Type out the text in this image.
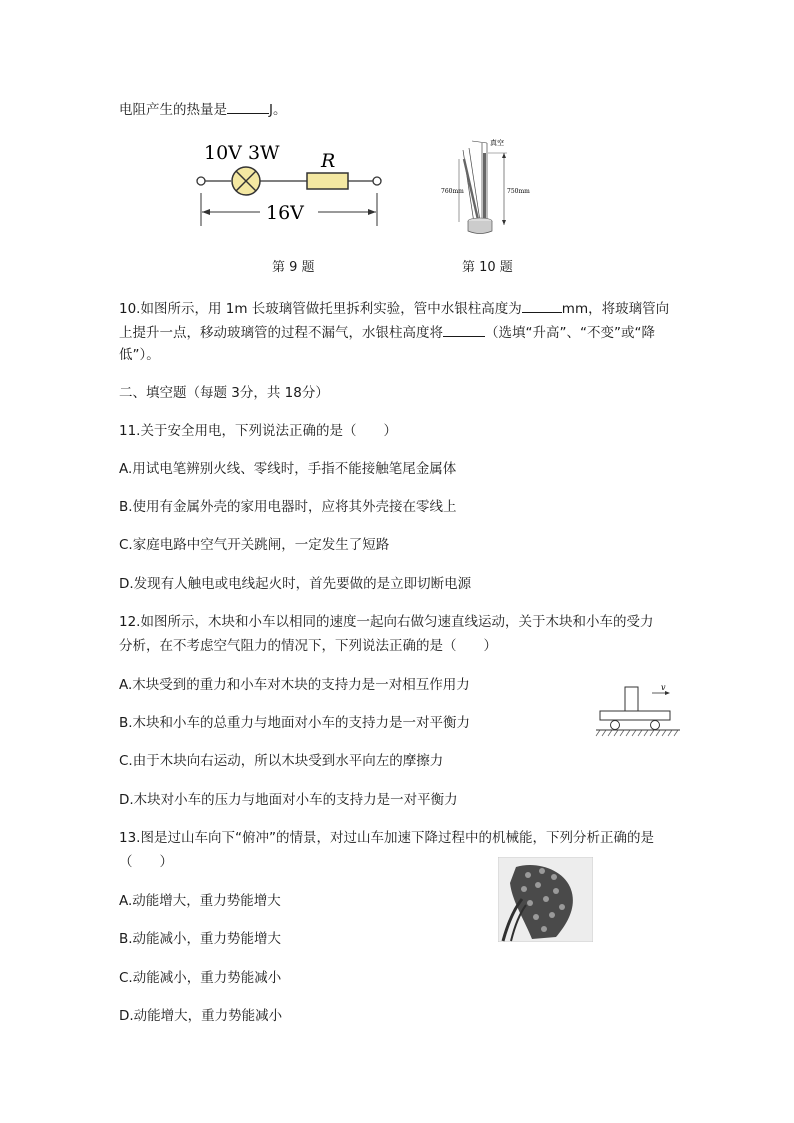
电阻产生的热量是	J。
10V 3W R
16V
第 9 题
真空
760mm	750mm
第 10 题
10.如图所示，用 1m 长玻璃管做托里拆利实验，管中水银柱高度为	mm，将玻璃管向
上提升一点，移动玻璃管的过程不漏气，水银柱高度将	（选填“升高”、“不变”或“降
低”）。
二、填空题（每题 3分，共 18分）
11.关于安全用电，下列说法正确的是（　　）
A.用试电笔辨别火线、零线时，手指不能接触笔尾金属体
B.使用有金属外壳的家用电器时，应将其外壳接在零线上
C.家庭电路中空气开关跳闸，一定发生了短路
D.发现有人触电或电线起火时，首先要做的是立即切断电源
12.如图所示，木块和小车以相同的速度一起向右做匀速直线运动，关于木块和小车的受力
分析，在不考虑空气阻力的情况下，下列说法正确的是（　　）
A.木块受到的重力和小车对木块的支持力是一对相互作用力
B.木块和小车的总重力与地面对小车的支持力是一对平衡力
C.由于木块向右运动，所以木块受到水平向左的摩擦力
D.木块对小车的压力与地面对小车的支持力是一对平衡力
v
13.图是过山车向下“俯冲”的情景，对过山车加速下降过程中的机械能，下列分析正确的是
（　　）
A.动能增大，重力势能增大
B.动能减小，重力势能增大
C.动能减小，重力势能减小
D.动能增大，重力势能减小
